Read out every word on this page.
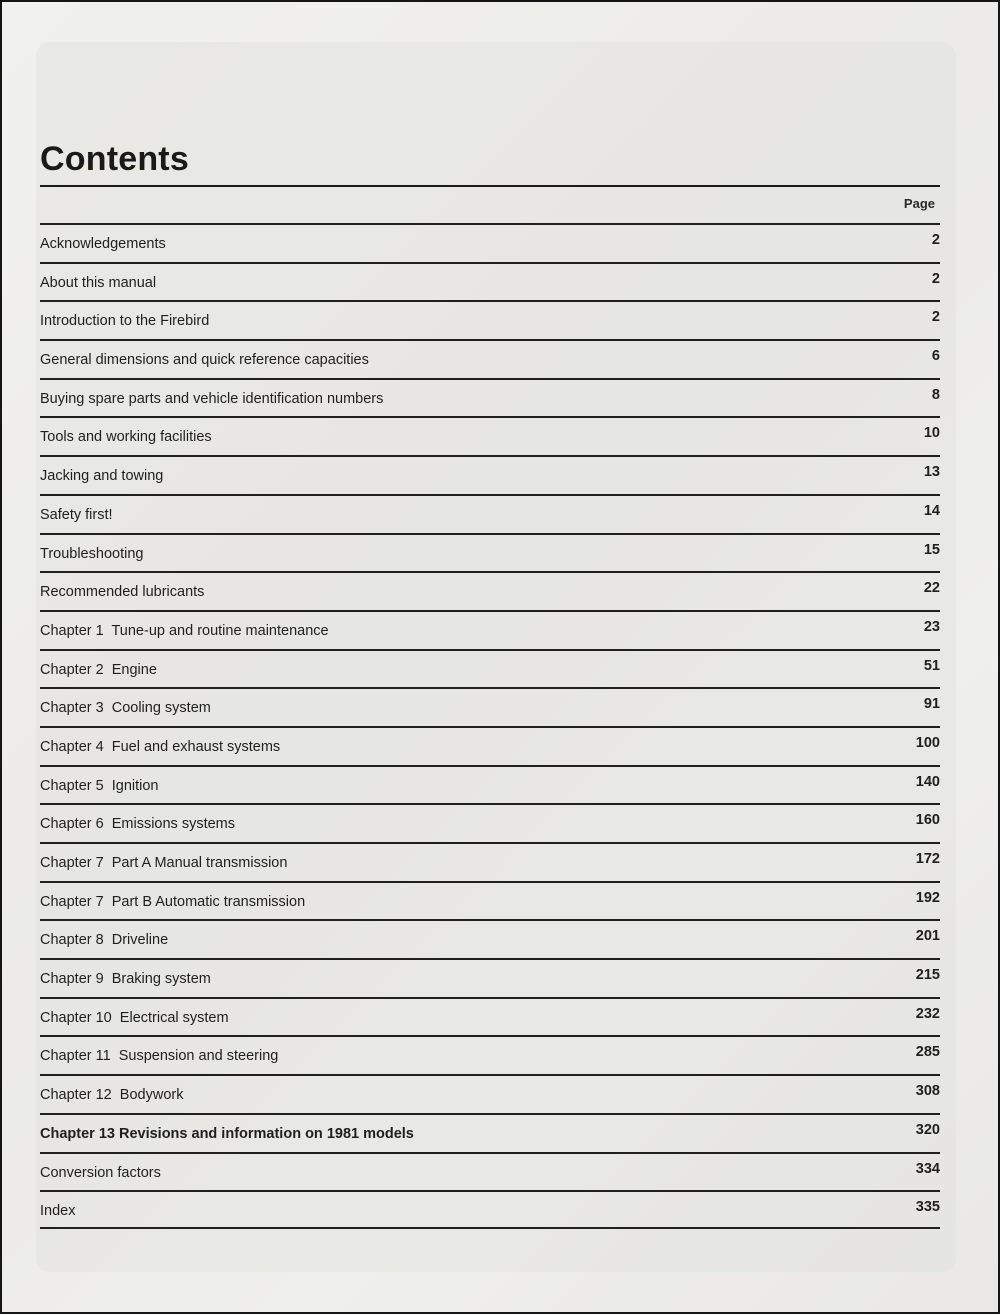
Contents
Page
Acknowledgements	2
About this manual	2
Introduction to the Firebird	2
General dimensions and quick reference capacities	6
Buying spare parts and vehicle identification numbers	8
Tools and working facilities	10
Jacking and towing	13
Safety first!	14
Troubleshooting	15
Recommended lubricants	22
Chapter 1  Tune-up and routine maintenance	23
Chapter 2  Engine	51
Chapter 3  Cooling system	91
Chapter 4  Fuel and exhaust systems	100
Chapter 5  Ignition	140
Chapter 6  Emissions systems	160
Chapter 7  Part A Manual transmission	172
Chapter 7  Part B Automatic transmission	192
Chapter 8  Driveline	201
Chapter 9  Braking system	215
Chapter 10  Electrical system	232
Chapter 11  Suspension and steering	285
Chapter 12  Bodywork	308
Chapter 13 Revisions and information on 1981 models	320
Conversion factors	334
Index	335
